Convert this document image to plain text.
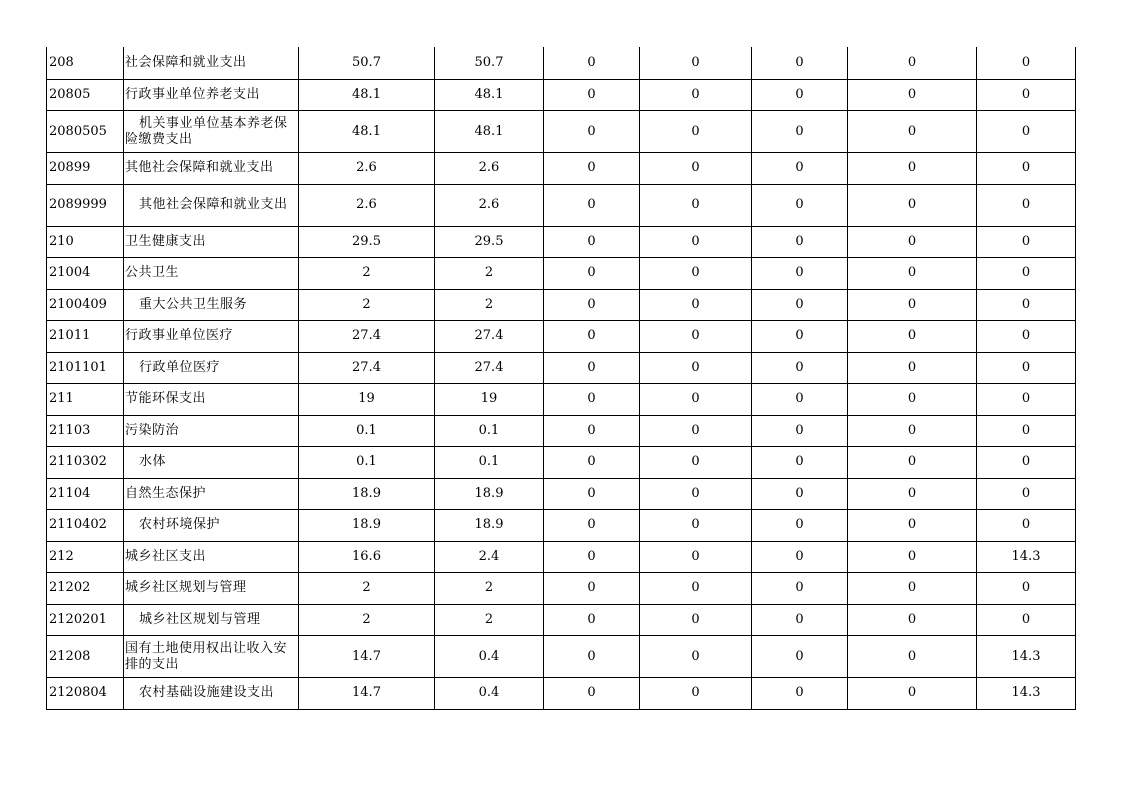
208	社会保障和就业支出	50.7	50.7	0	0	0	0	0
20805	行政事业单位养老支出	48.1	48.1	0	0	0	0	0
2080505	机关事业单位基本养老保险缴费支出	48.1	48.1	0	0	0	0	0
20899	其他社会保障和就业支出	2.6	2.6	0	0	0	0	0
2089999	其他社会保障和就业支出	2.6	2.6	0	0	0	0	0
210	卫生健康支出	29.5	29.5	0	0	0	0	0
21004	公共卫生	2	2	0	0	0	0	0
2100409	重大公共卫生服务	2	2	0	0	0	0	0
21011	行政事业单位医疗	27.4	27.4	0	0	0	0	0
2101101	行政单位医疗	27.4	27.4	0	0	0	0	0
211	节能环保支出	19	19	0	0	0	0	0
21103	污染防治	0.1	0.1	0	0	0	0	0
2110302	水体	0.1	0.1	0	0	0	0	0
21104	自然生态保护	18.9	18.9	0	0	0	0	0
2110402	农村环境保护	18.9	18.9	0	0	0	0	0
212	城乡社区支出	16.6	2.4	0	0	0	0	14.3
21202	城乡社区规划与管理	2	2	0	0	0	0	0
2120201	城乡社区规划与管理	2	2	0	0	0	0	0
21208	国有土地使用权出让收入安排的支出	14.7	0.4	0	0	0	0	14.3
2120804	农村基础设施建设支出	14.7	0.4	0	0	0	0	14.3
